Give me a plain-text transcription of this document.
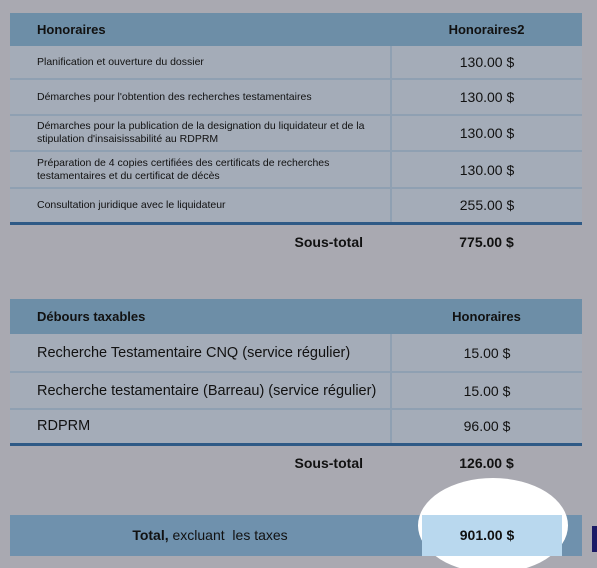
Honoraires	Honoraires2
Planification et ouverture du dossier	130.00 $
Démarches pour l'obtention des recherches testamentaires	130.00 $
Démarches pour la publication de la designation du liquidateur et de la stipulation d'insaisissabilité au RDPRM	130.00 $
Préparation de 4 copies certifiées des certificats de recherches testamentaires et du certificat de décès	130.00 $
Consultation juridique avec le liquidateur	255.00 $
Sous-total	775.00 $
Débours taxables	Honoraires
Recherche Testamentaire CNQ (service régulier)	15.00 $
Recherche testamentaire (Barreau) (service régulier)	15.00 $
RDPRM	96.00 $
Sous-total	126.00 $
Total, excluant  les taxes	901.00 $
